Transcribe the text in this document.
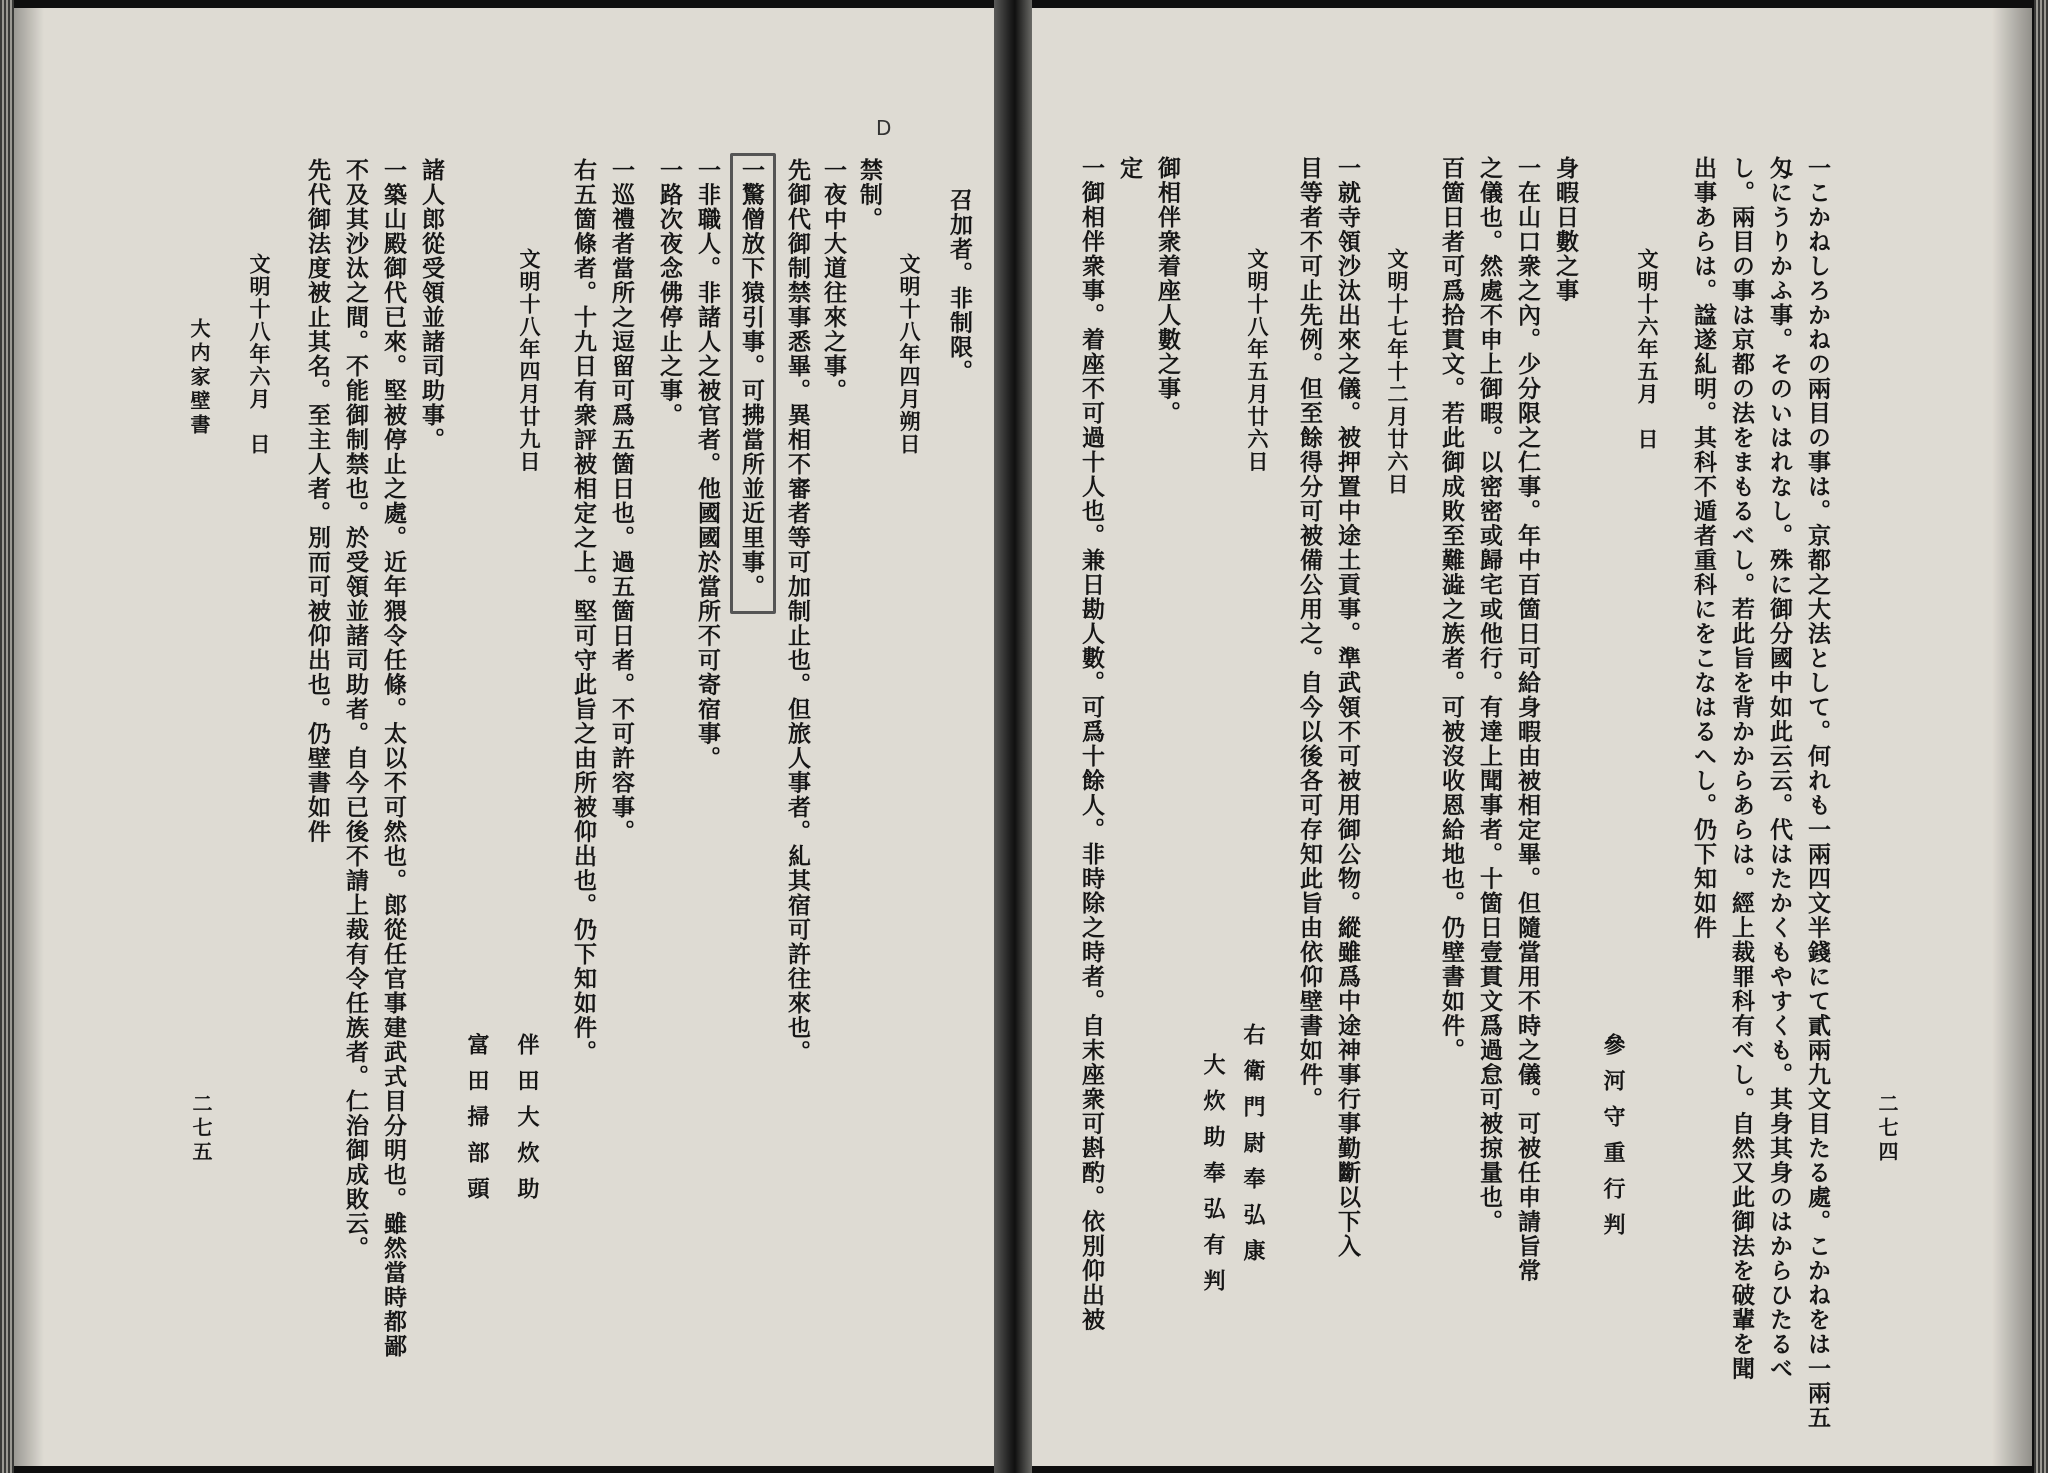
D
召加者。非制限。
文明十八年四月朔日
禁制。
一夜中大道往來之事。
先御代御制禁事悉畢。異相不審者等可加制止也。但旅人事者。糺其宿可許往來也。
一驚僧放下猿引事。可拂當所並近里事。
一非職人。非諸人之被官者。他國國於當所不可寄宿事。
一路次夜念佛停止之事。
一巡禮者當所之逗留可爲五箇日也。過五箇日者。不可許容事。
右五箇條者。十九日有衆評被相定之上。堅可守此旨之由所被仰出也。仍下知如件。
文明十八年四月廿九日
伴田大炊助
富田掃部頭
諸人郎從受領並諸司助事。
一築山殿御代已來。堅被停止之處。近年猥令任條。太以不可然也。郎從任官事建武式目分明也。雖然當時都鄙
不及其沙汰之間。不能御制禁也。於受領並諸司助者。自今已後不請上裁有令任族者。仁治御成敗云。
先代御法度被止其名。至主人者。別而可被仰出也。仍壁書如件
文明十八年六月　日
大内家壁書
二七五	二七四
一こかねしろかねの兩目の事は。京都之大法として。何れも一兩四文半錢にて貳兩九文目たる處。こかねをは一兩五
匁にうりかふ事。そのいはれなし。殊に御分國中如此云云。代はたかくもやすくも。其身其身のはからひたるべ
し。兩目の事は京都の法をまもるべし。若此旨を背かからあらは。經上裁罪科有べし。自然又此御法を破輩を聞
出事あらは。諡遂糺明。其科不遁者重科にをこなはるへし。仍下知如件
文明十六年五月　日
參河守重行判
身暇日數之事
一在山口衆之內。少分限之仁事。年中百箇日可給身暇由被相定畢。但隨當用不時之儀。可被任申請旨常
之儀也。然處不申上御暇。以密密或歸宅或他行。有達上聞事者。十箇日壹貫文爲過怠可被掠量也。
百箇日者可爲拾貫文。若此御成敗至難澁之族者。可被沒收恩給地也。仍壁書如件。
文明十七年十二月廿六日
一就寺領沙汰出來之儀。被押置中途土貢事。準武領不可被用御公物。縱雖爲中途神事行事勤斷以下入
目等者不可止先例。但至餘得分可被備公用之。自今以後各可存知此旨由依仰壁書如件。
文明十八年五月廿六日
右衛門尉奉弘康
大炊助奉弘有判
御相伴衆着座人數之事。
定
一御相伴衆事。着座不可過十人也。兼日勘人數。可爲十餘人。非時除之時者。自末座衆可斟酌。依別仰出被
